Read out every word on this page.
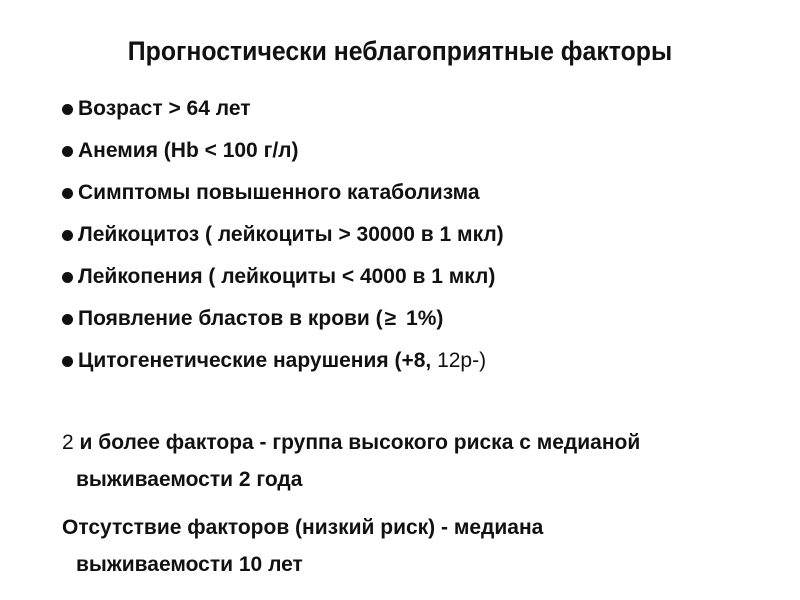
Прогностически неблагоприятные факторы
Возраст > 64 лет
Анемия (Hb < 100 г/л)
Симптомы повышенного катаболизма
Лейкоцитоз ( лейкоциты > 30000 в 1 мкл)
Лейкопения ( лейкоциты < 4000 в 1 мкл)
Появление бластов в крови (≥ 1%)
Цитогенетические нарушения (+8, 12p-)
2 и более фактора - группа высокого риска с медианой
выживаемости 2 года
Отсутствие факторов (низкий риск) - медиана
выживаемости 10 лет
